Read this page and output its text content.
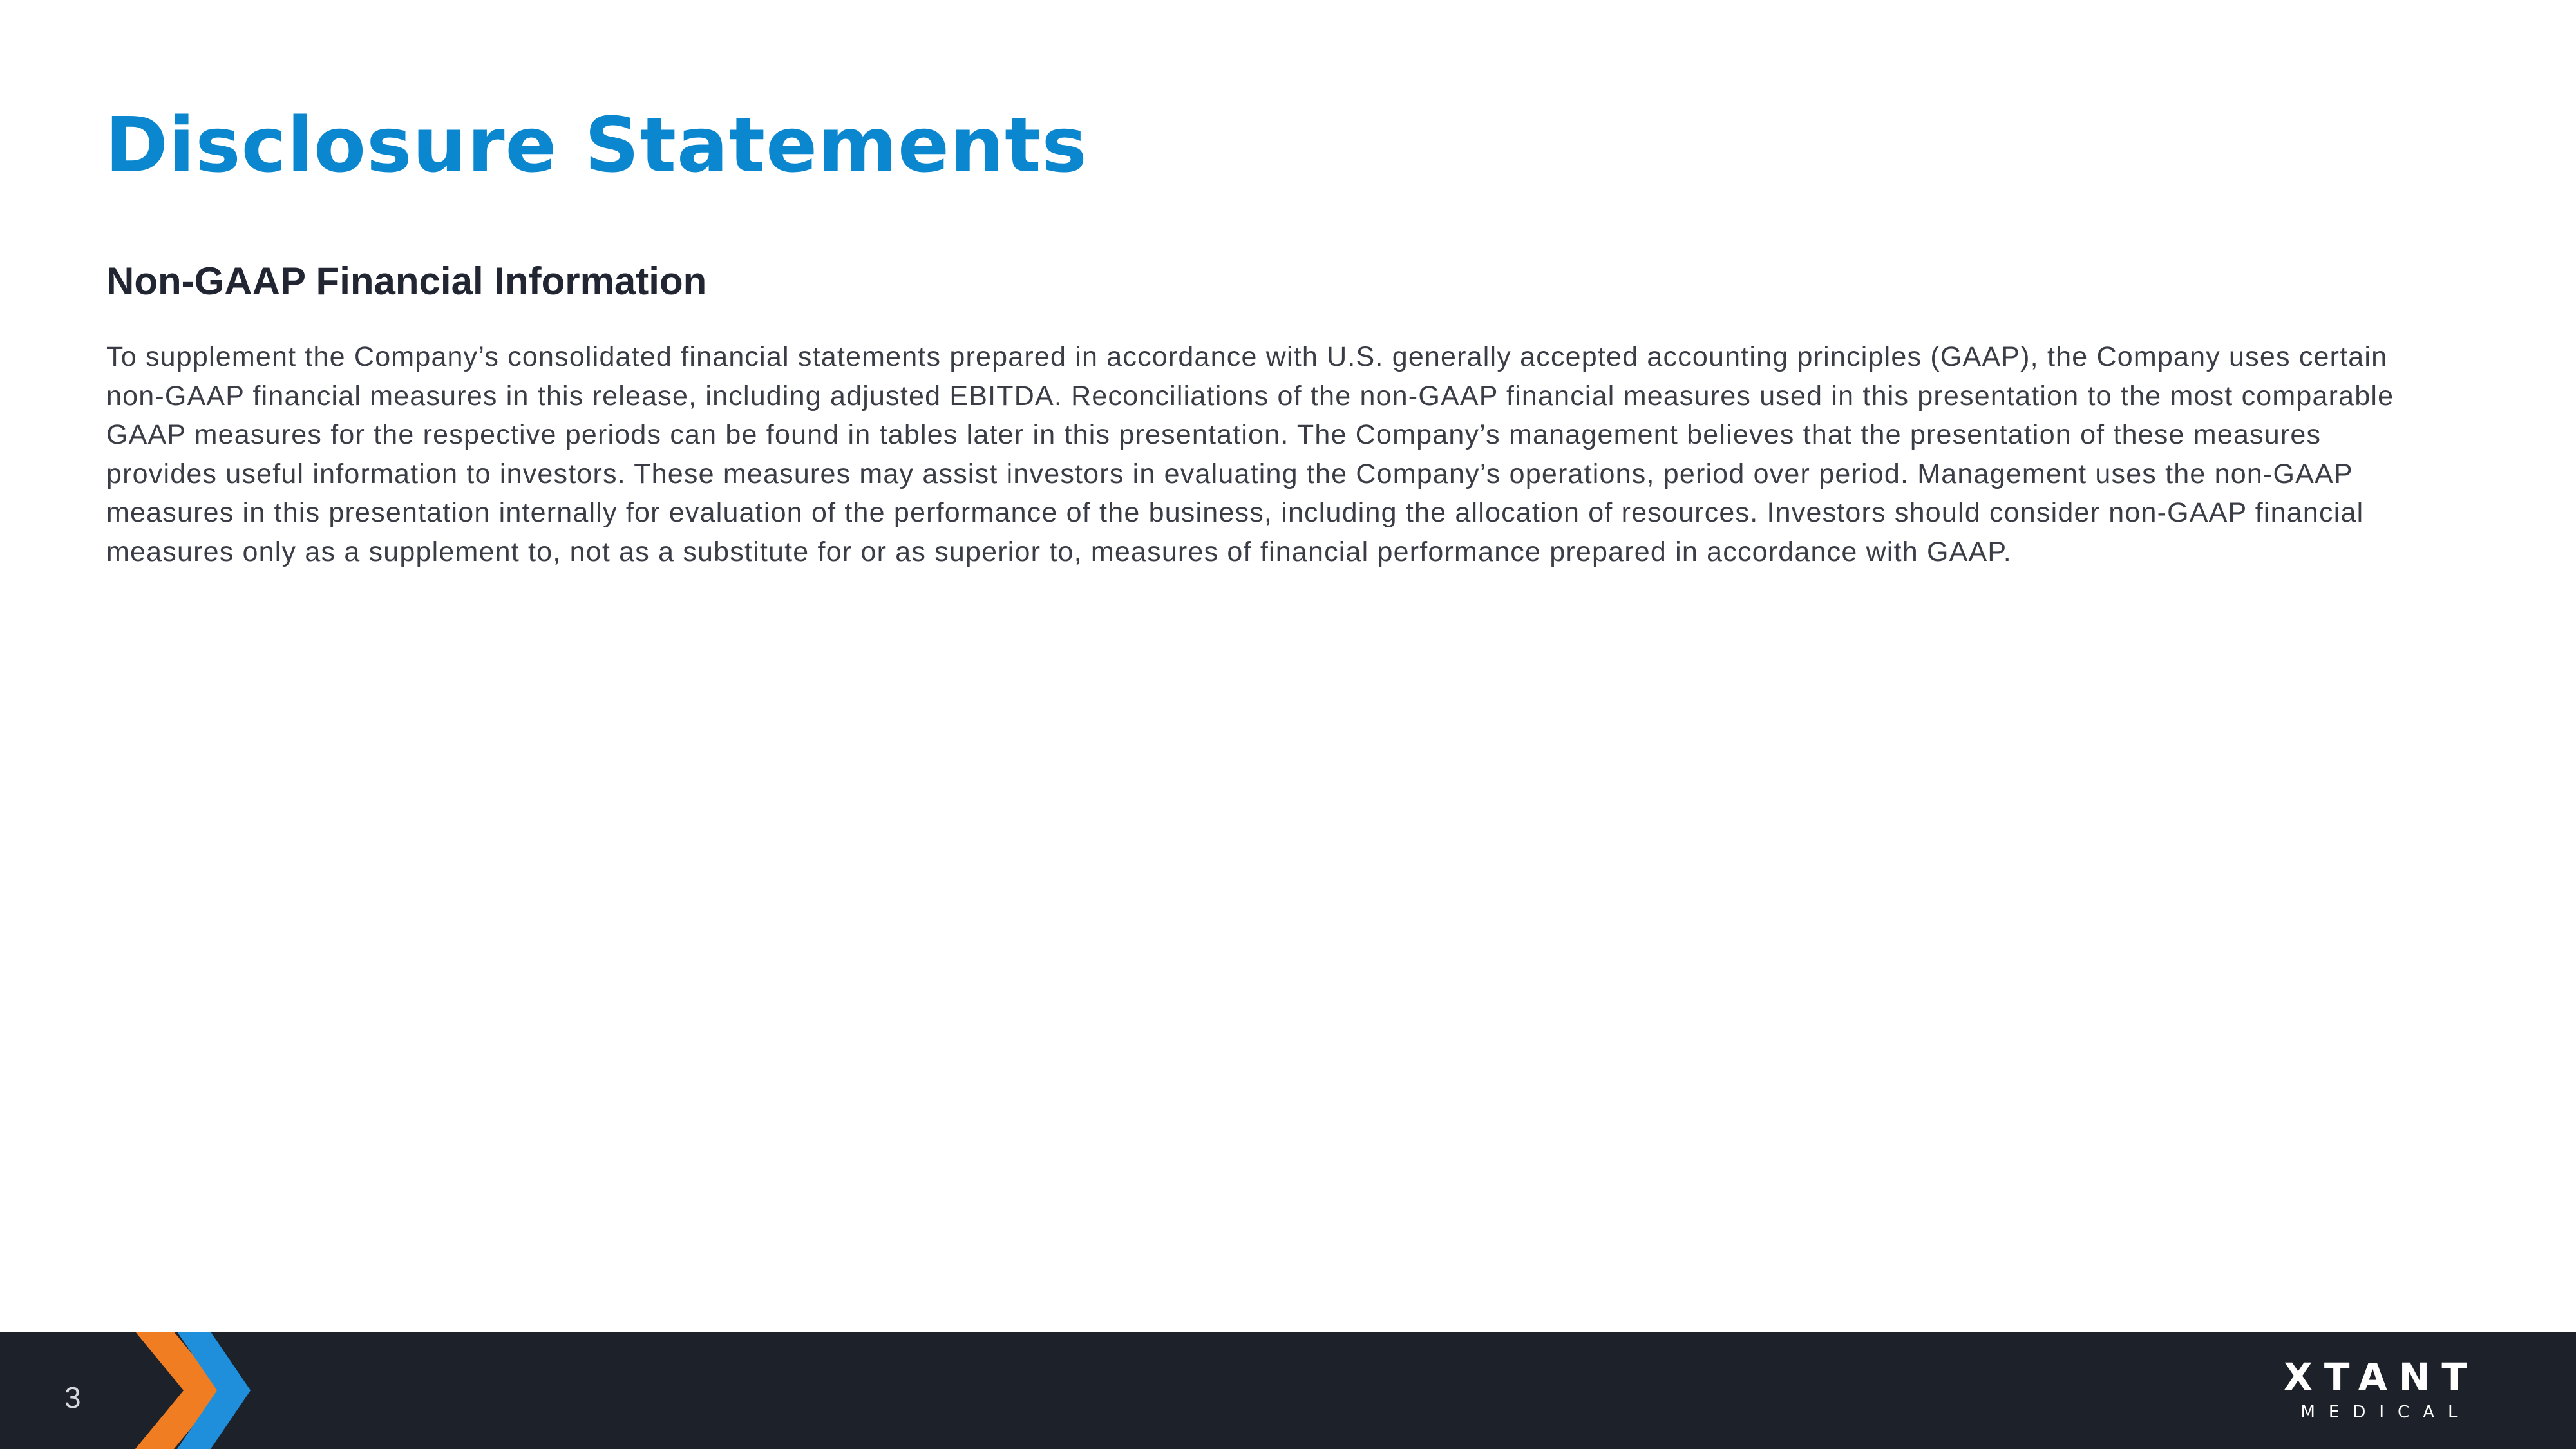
Disclosure Statements
Non-GAAP Financial Information

To supplement the Company’s consolidated financial statements prepared in accordance with U.S. generally accepted accounting principles (GAAP), the Company uses certain non-GAAP financial measures in this release, including adjusted EBITDA. Reconciliations of the non-GAAP financial measures used in this presentation to the most comparable GAAP measures for the respective periods can be found in tables later in this presentation. The Company’s management believes that the presentation of these measures provides useful information to investors. These measures may assist investors in evaluating the Company’s operations, period over period. Management uses the non-GAAP measures in this presentation internally for evaluation of the performance of the business, including the allocation of resources. Investors should consider non-GAAP financial measures only as a supplement to, not as a substitute for or as superior to, measures of financial performance prepared in accordance with GAAP.

3	XTANT
MEDICAL
